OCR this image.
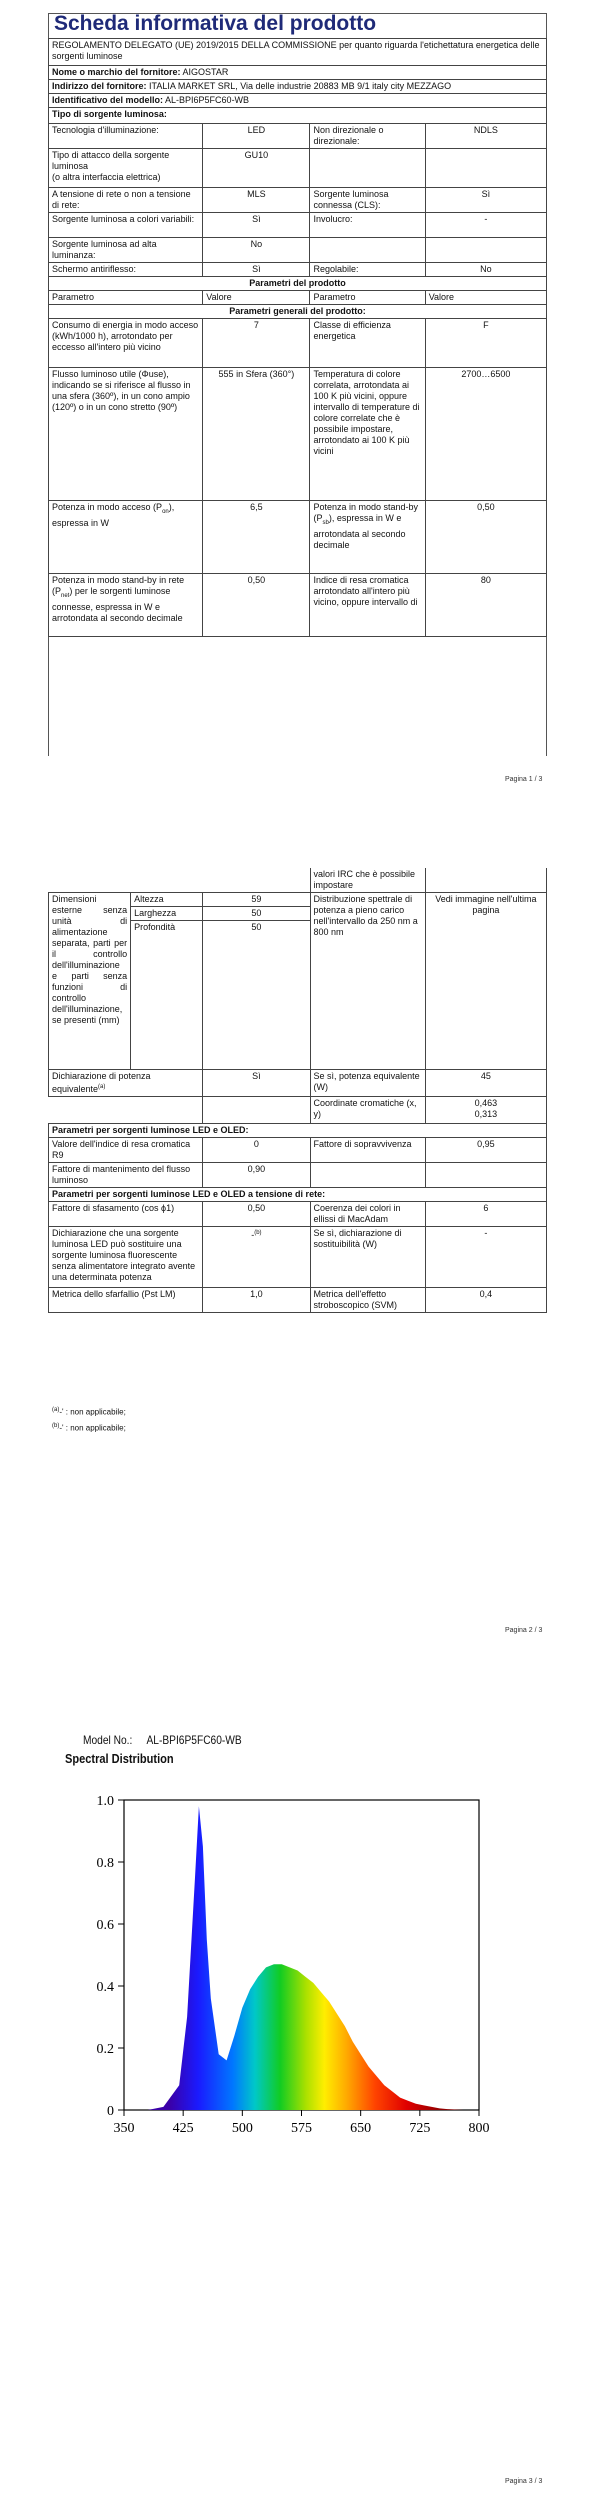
Scheda informativa del prodotto
REGOLAMENTO DELEGATO (UE) 2019/2015 DELLA COMMISSIONE per quanto riguarda l'etichettatura energetica delle sorgenti luminose			
Nome o marchio del fornitore: AIGOSTAR			
Indirizzo del fornitore: ITALIA MARKET SRL, Via delle industrie 20883 MB 9/1 italy city MEZZAGO			
Identificativo del modello: AL-BPI6P5FC60-WB			
Tipo di sorgente luminosa:			
Tecnologia d'illuminazione:	LED	Non direzionale o direzionale:	NDLS

Tipo di attacco della sorgente luminosa
(o altra interfaccia elettrica)	GU10		
A tensione di rete o non a tensione di rete:	MLS	Sorgente luminosa connessa (CLS):	Sì
Sorgente luminosa a colori variabili:	Sì	Involucro:	-
Sorgente luminosa ad alta luminanza:	No		
Schermo antiriflesso:	Sì	Regolabile:	No
Parametri del prodotto			
Parametro	Valore	Parametro	Valore
Parametri generali del prodotto:			
Consumo di energia in modo acceso (kWh/1000 h), arrotondato per eccesso all'intero più vicino	7	Classe di efficienza energetica	F
Flusso luminoso utile (Φuse), indicando se si riferisce al flusso in una sfera (360º), in un cono ampio (120º) o in un cono stretto (90º)	555 in Sfera (360°)	Temperatura di colore correlata, arrotondata ai 100 K più vicini, oppure intervallo di temperature di colore correlate che è possibile impostare, arrotondato ai 100 K più vicini	2700…6500
Potenza in modo acceso $(P_{on})$, espressa in W	6,5	Potenza in modo stand-by $(P_{sb})$, espressa in W e arrotondata al secondo decimale	0,50
Potenza in modo stand-by in rete $(P_{net})$ per le sorgenti luminose connesse, espressa in W e arrotondata al secondo decimale	0,50	Indice di resa cromatica arrotondato all'intero più vicino, oppure intervallo di	80
Pagina 1 / 3
			valori IRC che è possibile impostare	
Dimensioni esterne senza unità di alimentazione separata, parti per il controllo dell'illuminazione e parti senza funzioni di controllo dell'illuminazione, se presenti (mm)	Altezza	59	Distribuzione spettrale di potenza a pieno carico nell'intervallo da 250 nm a 800 nm	Vedi immagine nell'ultima pagina
	Larghezza	50		
	Profondità	50		
Dichiarazione di potenza equivalente$^{(a)}$		Sì	Se sì, potenza equivalente (W)	45
			Coordinate cromatiche (x, y)	0,463
0,313

Parametri per sorgenti luminose LED e OLED:				
Valore dell'indice di resa cromatica R9		0	Fattore di sopravvivenza	0,95
Fattore di mantenimento del flusso luminoso		0,90		
Parametri per sorgenti luminose LED e OLED a tensione di rete:				
Fattore di sfasamento (cos ϕ1)		0,50	Coerenza dei colori in ellissi di MacAdam	6
Dichiarazione che una sorgente luminosa LED può sostituire una sorgente luminosa fluorescente senza alimentatore integrato avente una determinata potenza		-$^{(b)}$	Se sì, dichiarazione di sostituibilità (W)	-
Metrica dello sfarfallio (Pst LM)		1,0	Metrica dell'effetto stroboscopico (SVM)	0,4
$^{(a)}$-' : non applicabile;
$^{(b)}$-' : non applicabile;
Pagina 2 / 3
Model No.: AL-BPI6P5FC60-WB
Spectral Distribution
0
0.2
0.4
0.6
0.8
1.0
350	425	500	575	650	725	800
Pagina 3 / 3
